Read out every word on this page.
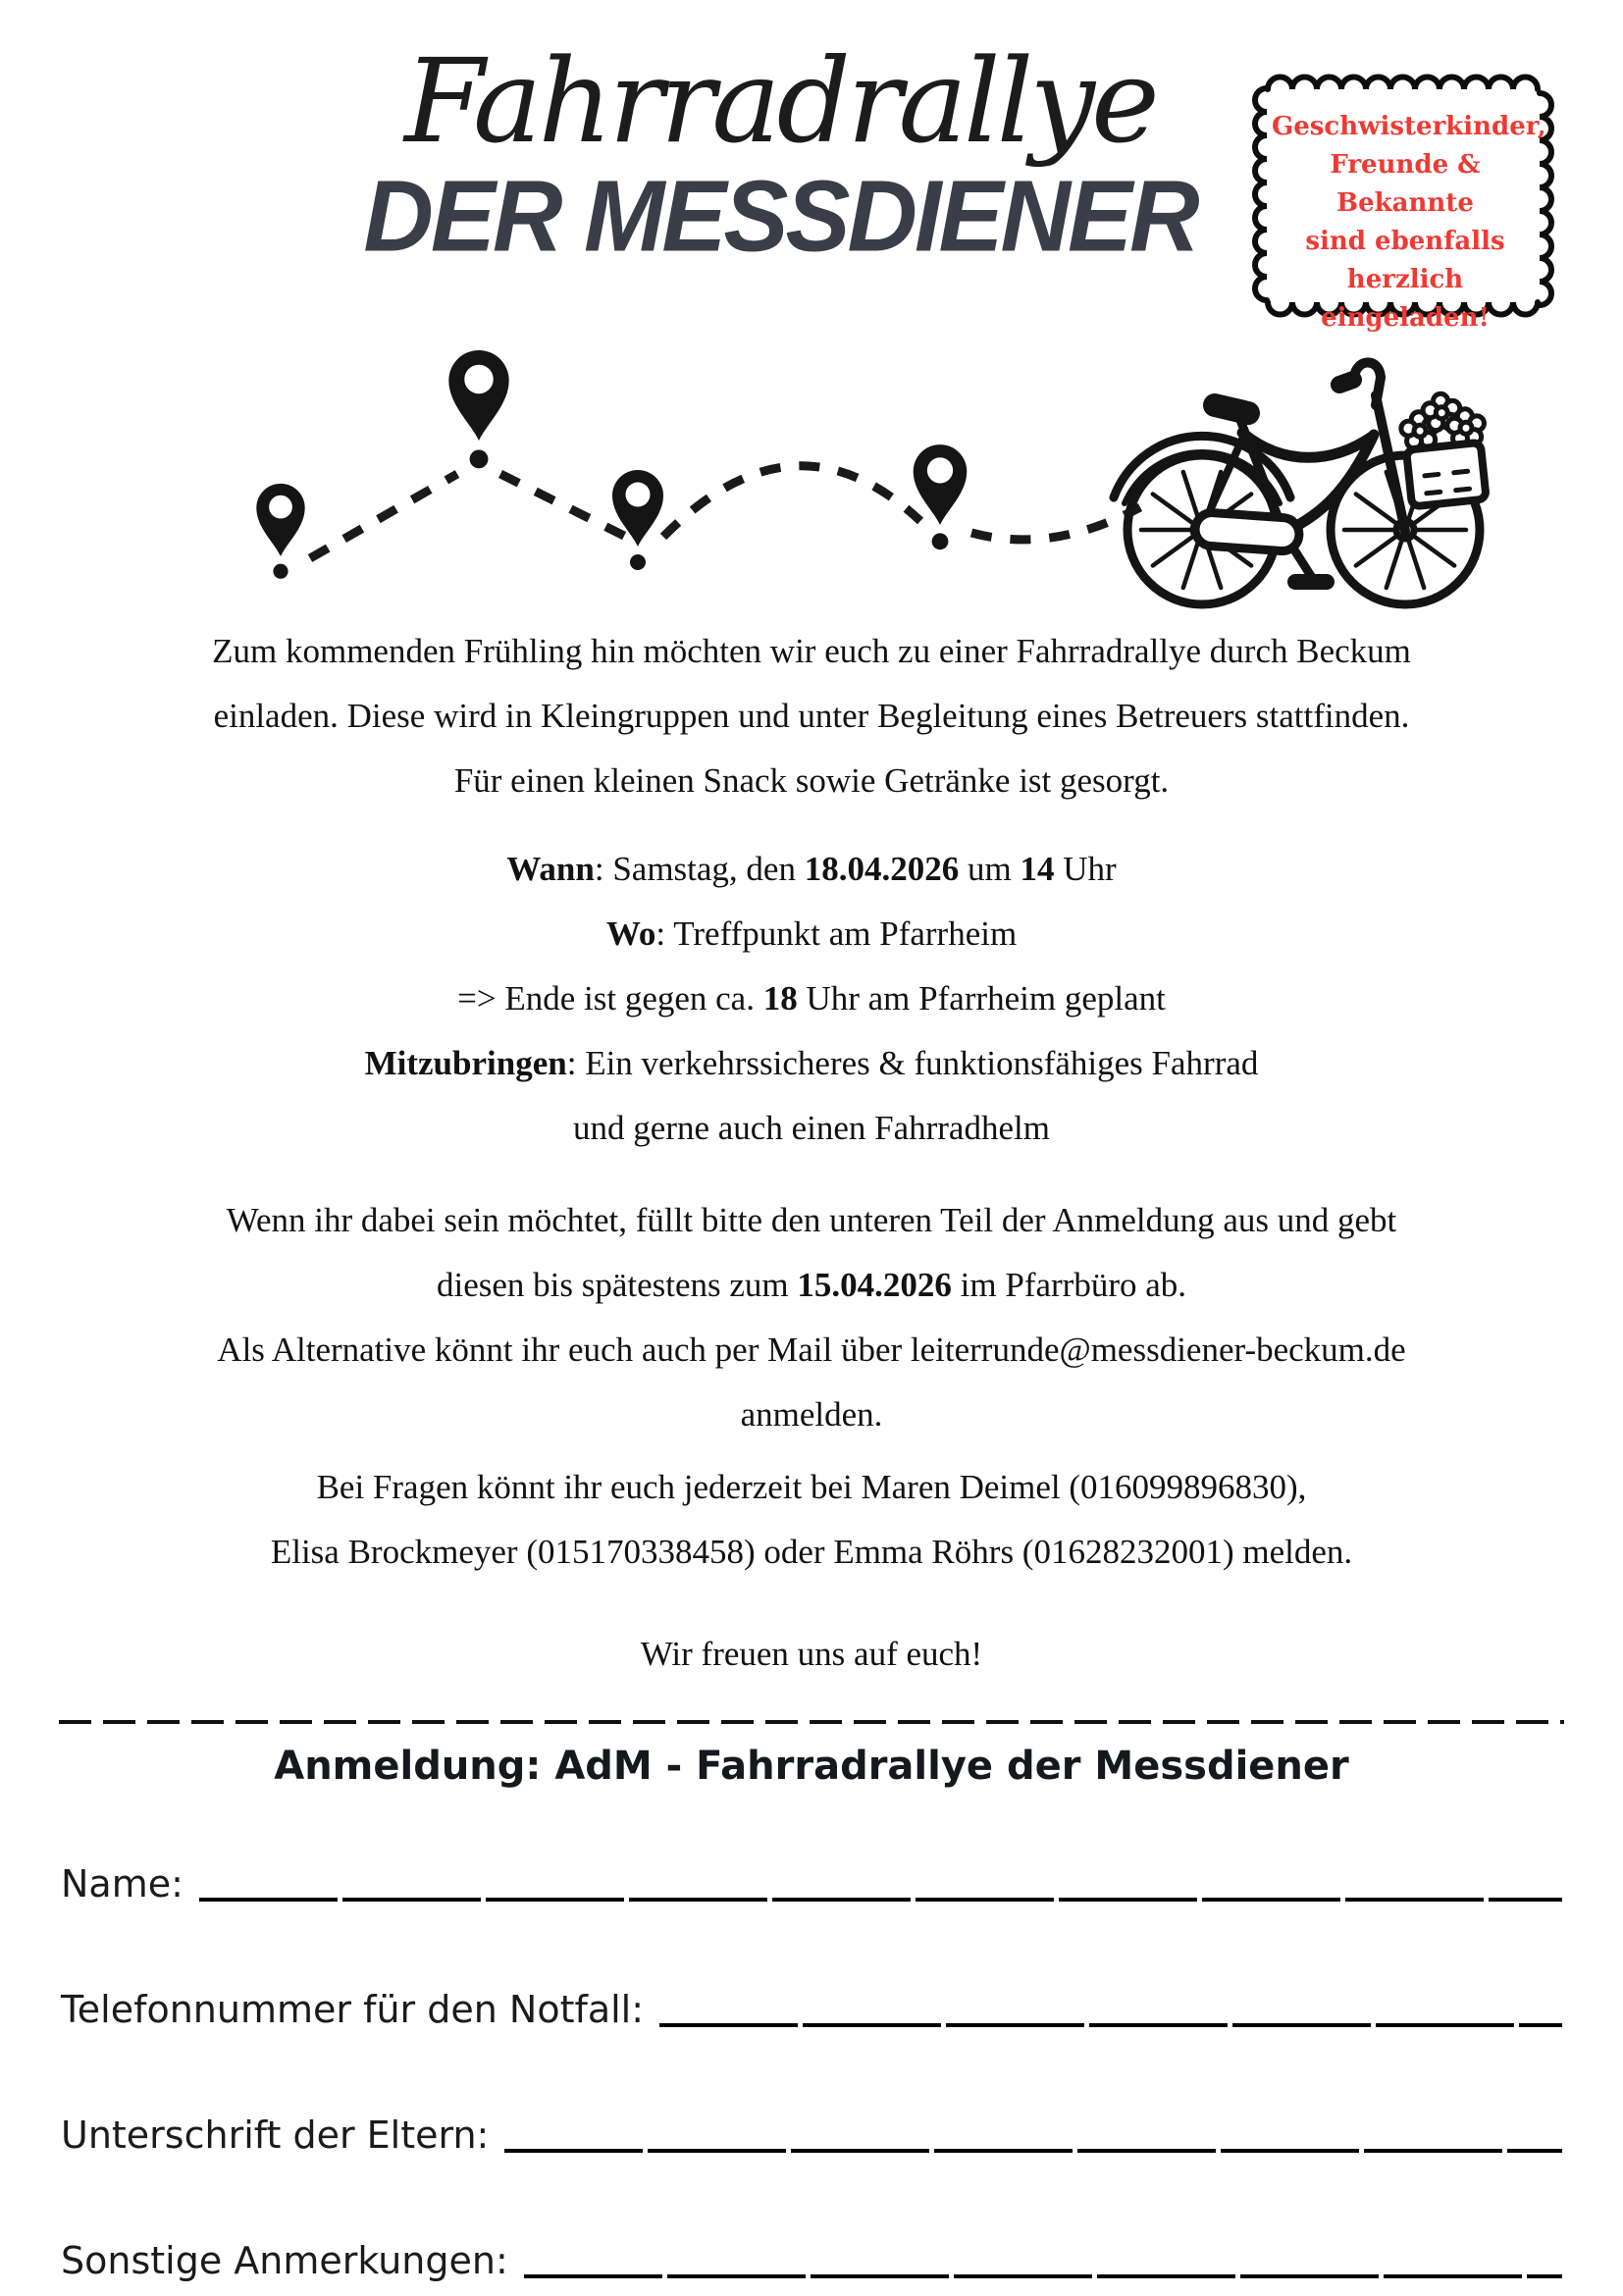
Fahrradrallye
DER MESSDIENER
Geschwisterkinder,
Freunde & Bekannte
sind ebenfalls
herzlich eingeladen!
Zum kommenden Frühling hin möchten wir euch zu einer Fahrradrallye durch Beckum
einladen. Diese wird in Kleingruppen und unter Begleitung eines Betreuers stattfinden.
Für einen kleinen Snack sowie Getränke ist gesorgt.
Wann: Samstag, den 18.04.2026 um 14 Uhr
Wo: Treffpunkt am Pfarrheim
=> Ende ist gegen ca. 18 Uhr am Pfarrheim geplant
Mitzubringen: Ein verkehrssicheres & funktionsfähiges Fahrrad
und gerne auch einen Fahrradhelm
Wenn ihr dabei sein möchtet, füllt bitte den unteren Teil der Anmeldung aus und gebt
diesen bis spätestens zum 15.04.2026 im Pfarrbüro ab.
Als Alternative könnt ihr euch auch per Mail über leiterrunde@messdiener-beckum.de
anmelden.
Bei Fragen könnt ihr euch jederzeit bei Maren Deimel (016099896830),
Elisa Brockmeyer (015170338458) oder Emma Röhrs (01628232001) melden.
Wir freuen uns auf euch!
Anmeldung: AdM - Fahrradrallye der Messdiener
Name:
Telefonnummer für den Notfall:
Unterschrift der Eltern:
Sonstige Anmerkungen:
